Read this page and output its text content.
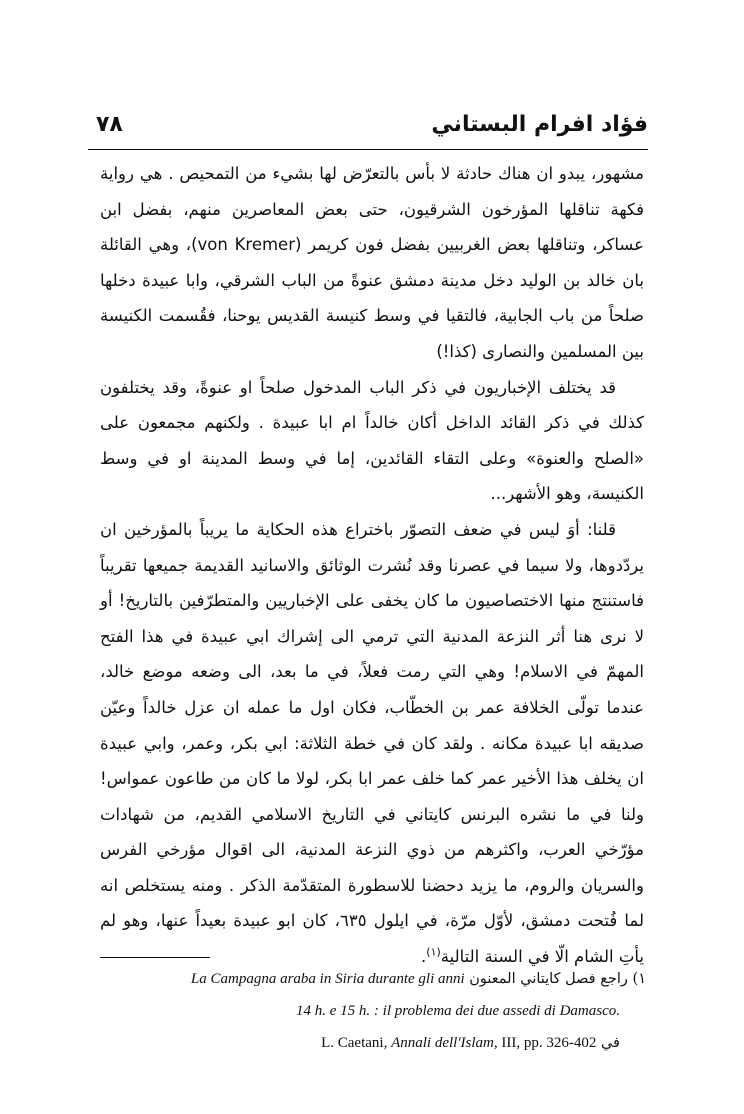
فؤاد افرام البستاني
٧٨

مشهور، يبدو ان هناك حادثة لا بأس بالتعرّض لها بشيء من التمحيص . هي رواية فكهة تناقلها المؤرخون الشرقيون، حتى بعض المعاصرين منهم، بفضل ابن عساكر، وتناقلها بعض الغربيين بفضل فون كريمر (von Kremer)، وهي القائلة بان خالد بن الوليد دخل مدينة دمشق عنوةً من الباب الشرقي، وابا عبيدة دخلها صلحاً من باب الجابية، فالتقيا في وسط كنيسة القديس يوحنا، فقُسمت الكنيسة بين المسلمين والنصارى (كذا!)

قد يختلف الإخباريون في ذكر الباب المدخول صلحاً او عنوةً، وقد يختلفون كذلك في ذكر القائد الداخل أكان خالداً ام ابا عبيدة . ولكنهم مجمعون على «الصلح والعنوة» وعلى التقاء القائدين، إما في وسط المدينة او في وسط الكنيسة، وهو الأشهر...

قلنا: أوَ ليس في ضعف التصوّر باختراع هذه الحكاية ما يريباً بالمؤرخين ان يردّدوها، ولا سيما في عصرنا وقد نُشرت الوثائق والاسانيد القديمة جميعها تقريباً فاستنتج منها الاختصاصيون ما كان يخفى على الإخباريين والمتطرّفين بالتاريخ! أو لا نرى هنا أثر النزعة المدنية التي ترمي الى إشراك ابي عبيدة في هذا الفتح المهمّ في الاسلام! وهي التي رمت فعلاً، في ما بعد، الى وضعه موضع خالد، عندما تولّى الخلافة عمر بن الخطّاب، فكان اول ما عمله ان عزل خالداً وعيّن صديقه ابا عبيدة مكانه . ولقد كان في خطة الثلاثة: ابي بكر، وعمر، وابي عبيدة ان يخلف هذا الأخير عمر كما خلف عمر ابا بكر، لولا ما كان من طاعون عمواس! ولنا في ما نشره البرنس كايتاني في التاريخ الاسلامي القديم، من شهادات مؤرّخي العرب، واكثرهم من ذوي النزعة المدنية، الى اقوال مؤرخي الفرس والسريان والروم، ما يزيد دحضنا للاسطورة المتقدّمة الذكر . ومنه يستخلص انه لما فُتحت دمشق، لأوّل مرّة، في ايلول ٦٣٥، كان ابو عبيدة بعيداً عنها، وهو لم يأتِ الشام الّا في السنة التالية$^{(١)}$.

١) راجع فصل كايتاني المعنون La Campagna araba in Siria durante gli anni
14 h. e 15 h. : il problema dei due assedi di Damasco.
في L. Caetani, Annali dell'Islam, III, pp. 326-402
